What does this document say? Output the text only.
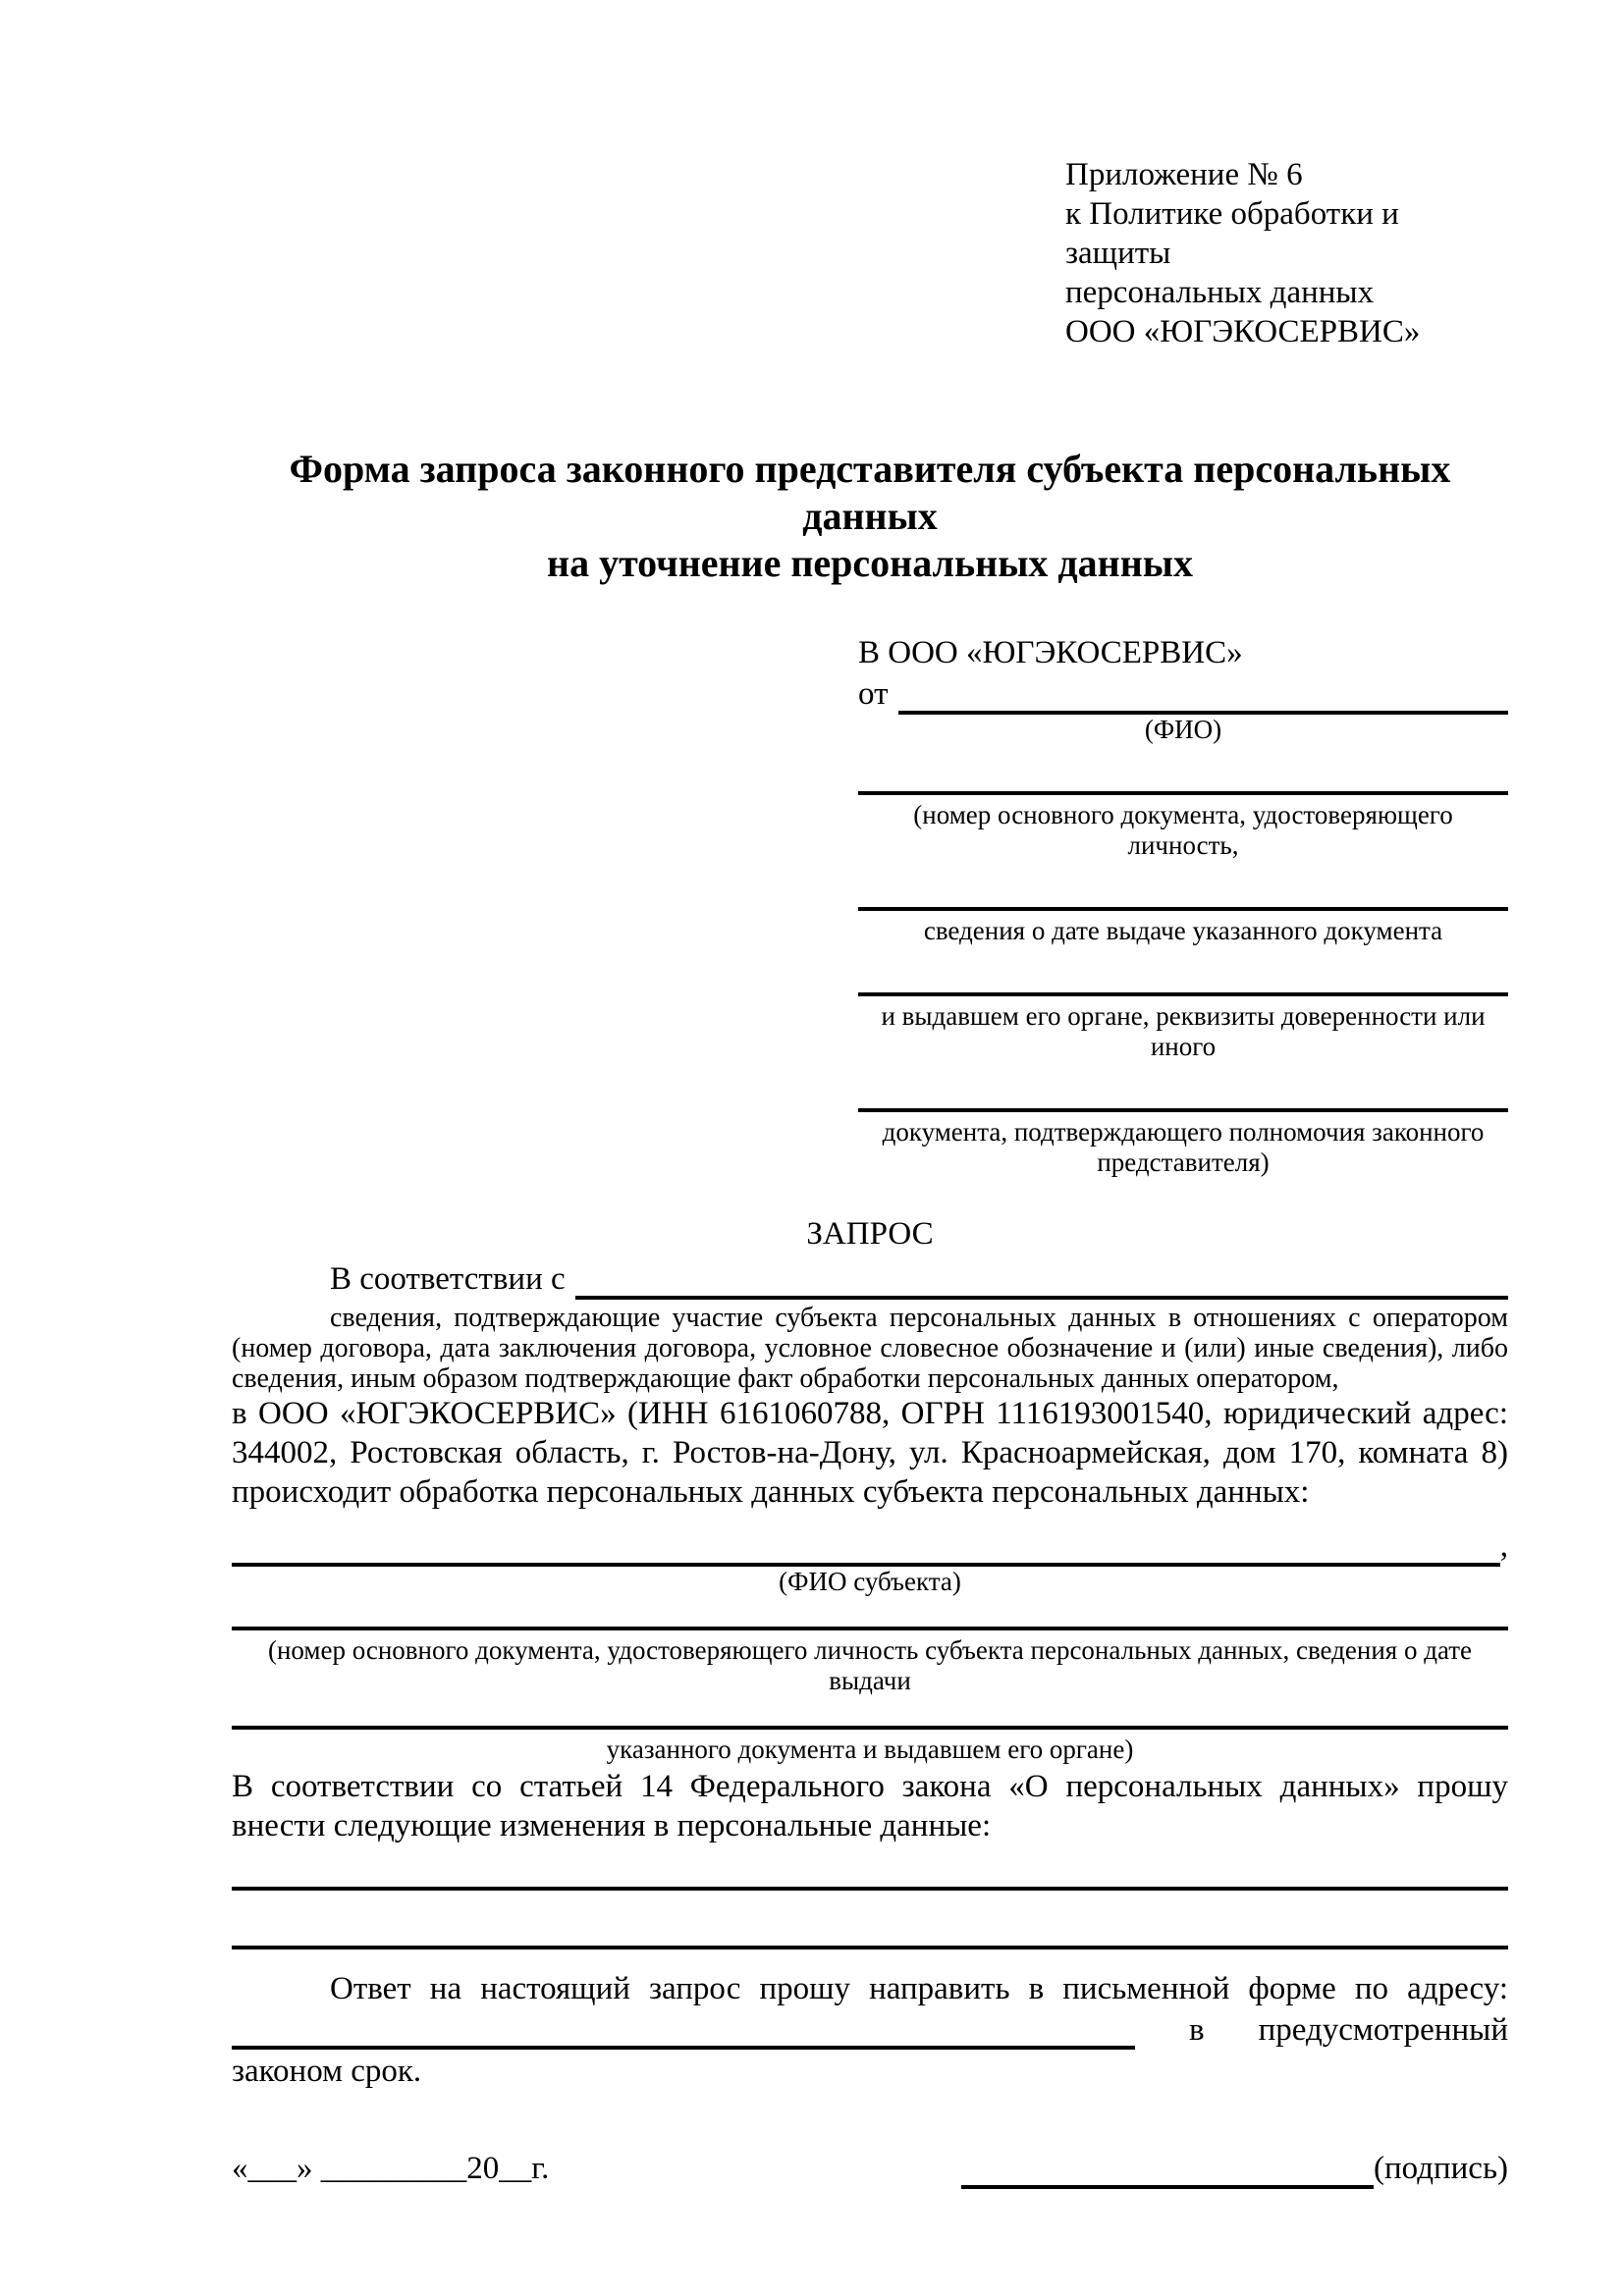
Приложение № 6
к Политике обработки и защиты
персональных данных
ООО «ЮГЭКОСЕРВИС»
Форма запроса законного представителя субъекта персональных данных
на уточнение персональных данных
В ООО «ЮГЭКОСЕРВИС»
от
(ФИО)
(номер основного документа, удостоверяющего личность,
сведения о дате выдаче указанного документа
и выдавшем его органе, реквизиты доверенности или иного
документа, подтверждающего полномочия законного представителя)
ЗАПРОС
В соответствии с
сведения, подтверждающие участие субъекта персональных данных в отношениях с оператором (номер договора, дата заключения договора, условное словесное обозначение и (или) иные сведения), либо сведения, иным образом подтверждающие факт обработки персональных данных оператором,
в ООО «ЮГЭКОСЕРВИС» (ИНН 6161060788, ОГРН 1116193001540, юридический адрес:
344002, Ростовская область, г. Ростов-на-Дону, ул. Красноармейская, дом 170, комната 8)
происходит обработка персональных данных субъекта персональных данных:
,
(ФИО субъекта)
(номер основного документа, удостоверяющего личность субъекта персональных данных, сведения о дате выдачи
указанного документа и выдавшем его органе)
В соответствии со статьей 14 Федерального закона «О персональных данных» прошу
внести следующие изменения в персональные данные:
Ответ на настоящий запрос прошу направить в письменной форме по адресу:
в	предусмотренный
законом срок.
«___» _________20__г.	(подпись)
